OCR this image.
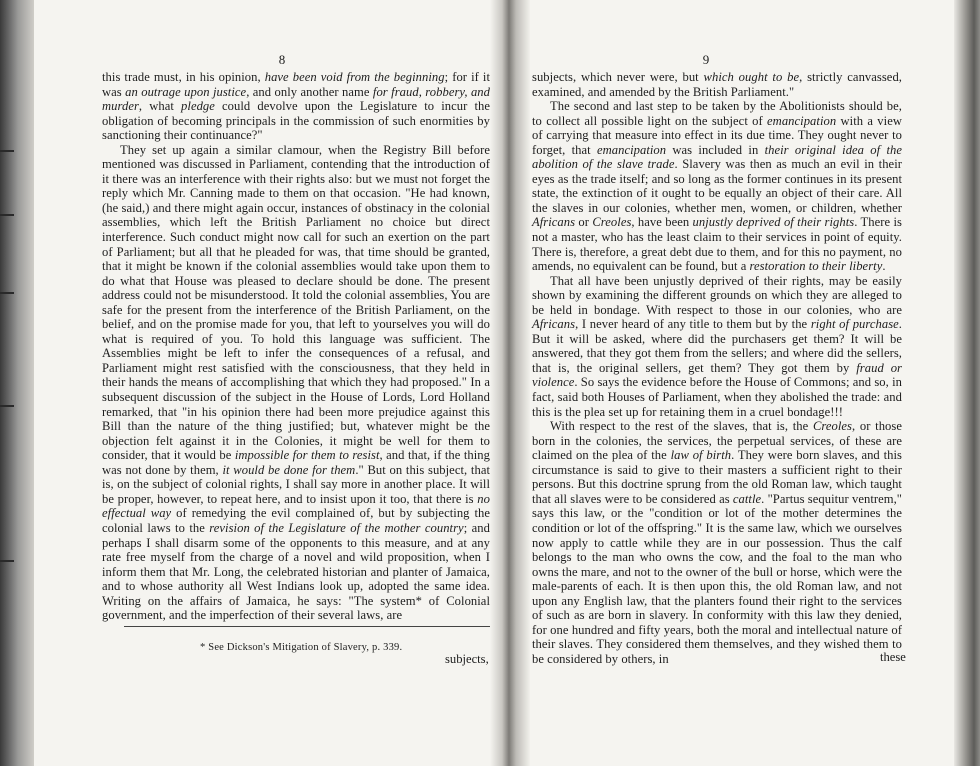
8	9

this trade must, in his opinion, have been void from the beginning; for if it was an outrage upon justice, and only another name for fraud, robbery, and murder, what pledge could devolve upon the Legislature to incur the obligation of becoming principals in the commission of such enormities by sanctioning their continuance?"

They set up again a similar clamour, when the Registry Bill before mentioned was discussed in Parliament, contending that the introduction of it there was an interference with their rights also: but we must not forget the reply which Mr. Canning made to them on that occasion. "He had known, (he said,) and there might again occur, instances of obstinacy in the colonial assemblies, which left the British Parliament no choice but direct interference. Such conduct might now call for such an exertion on the part of Parliament; but all that he pleaded for was, that time should be granted, that it might be known if the colonial assemblies would take upon them to do what that House was pleased to declare should be done. The present address could not be misunderstood. It told the colonial assemblies, You are safe for the present from the interference of the British Parliament, on the belief, and on the promise made for you, that left to yourselves you will do what is required of you. To hold this language was sufficient. The Assemblies might be left to infer the consequences of a refusal, and Parliament might rest satisfied with the consciousness, that they held in their hands the means of accomplishing that which they had proposed." In a subsequent discussion of the subject in the House of Lords, Lord Holland remarked, that "in his opinion there had been more prejudice against this Bill than the nature of the thing justified; but, whatever might be the objection felt against it in the Colonies, it might be well for them to consider, that it would be impossible for them to resist, and that, if the thing was not done by them, it would be done for them." But on this subject, that is, on the subject of colonial rights, I shall say more in another place. It will be proper, however, to repeat here, and to insist upon it too, that there is no effectual way of remedying the evil complained of, but by subjecting the colonial laws to the revision of the Legislature of the mother country; and perhaps I shall disarm some of the opponents to this measure, and at any rate free myself from the charge of a novel and wild proposition, when I inform them that Mr. Long, the celebrated historian and planter of Jamaica, and to whose authority all West Indians look up, adopted the same idea. Writing on the affairs of Jamaica, he says: "The system* of Colonial government, and the imperfection of their several laws, are

* See Dickson's Mitigation of Slavery, p. 339.
subjects,

subjects, which never were, but which ought to be, strictly canvassed, examined, and amended by the British Parliament."

The second and last step to be taken by the Abolitionists should be, to collect all possible light on the subject of emancipation with a view of carrying that measure into effect in its due time. They ought never to forget, that emancipation was included in their original idea of the abolition of the slave trade. Slavery was then as much an evil in their eyes as the trade itself; and so long as the former continues in its present state, the extinction of it ought to be equally an object of their care. All the slaves in our colonies, whether men, women, or children, whether Africans or Creoles, have been unjustly deprived of their rights. There is not a master, who has the least claim to their services in point of equity. There is, therefore, a great debt due to them, and for this no payment, no amends, no equivalent can be found, but a restoration to their liberty.

That all have been unjustly deprived of their rights, may be easily shown by examining the different grounds on which they are alleged to be held in bondage. With respect to those in our colonies, who are Africans, I never heard of any title to them but by the right of purchase. But it will be asked, where did the purchasers get them? It will be answered, that they got them from the sellers; and where did the sellers, that is, the original sellers, get them? They got them by fraud or violence. So says the evidence before the House of Commons; and so, in fact, said both Houses of Parliament, when they abolished the trade: and this is the plea set up for retaining them in a cruel bondage!!!

With respect to the rest of the slaves, that is, the Creoles, or those born in the colonies, the services, the perpetual services, of these are claimed on the plea of the law of birth. They were born slaves, and this circumstance is said to give to their masters a sufficient right to their persons. But this doctrine sprung from the old Roman law, which taught that all slaves were to be considered as cattle. "Partus sequitur ventrem," says this law, or the "condition or lot of the mother determines the condition or lot of the offspring." It is the same law, which we ourselves now apply to cattle while they are in our possession. Thus the calf belongs to the man who owns the cow, and the foal to the man who owns the mare, and not to the owner of the bull or horse, which were the male-parents of each. It is then upon this, the old Roman law, and not upon any English law, that the planters found their right to the services of such as are born in slavery. In conformity with this law they denied, for one hundred and fifty years, both the moral and intellectual nature of their slaves. They considered them themselves, and they wished them to be considered by others, in	these
